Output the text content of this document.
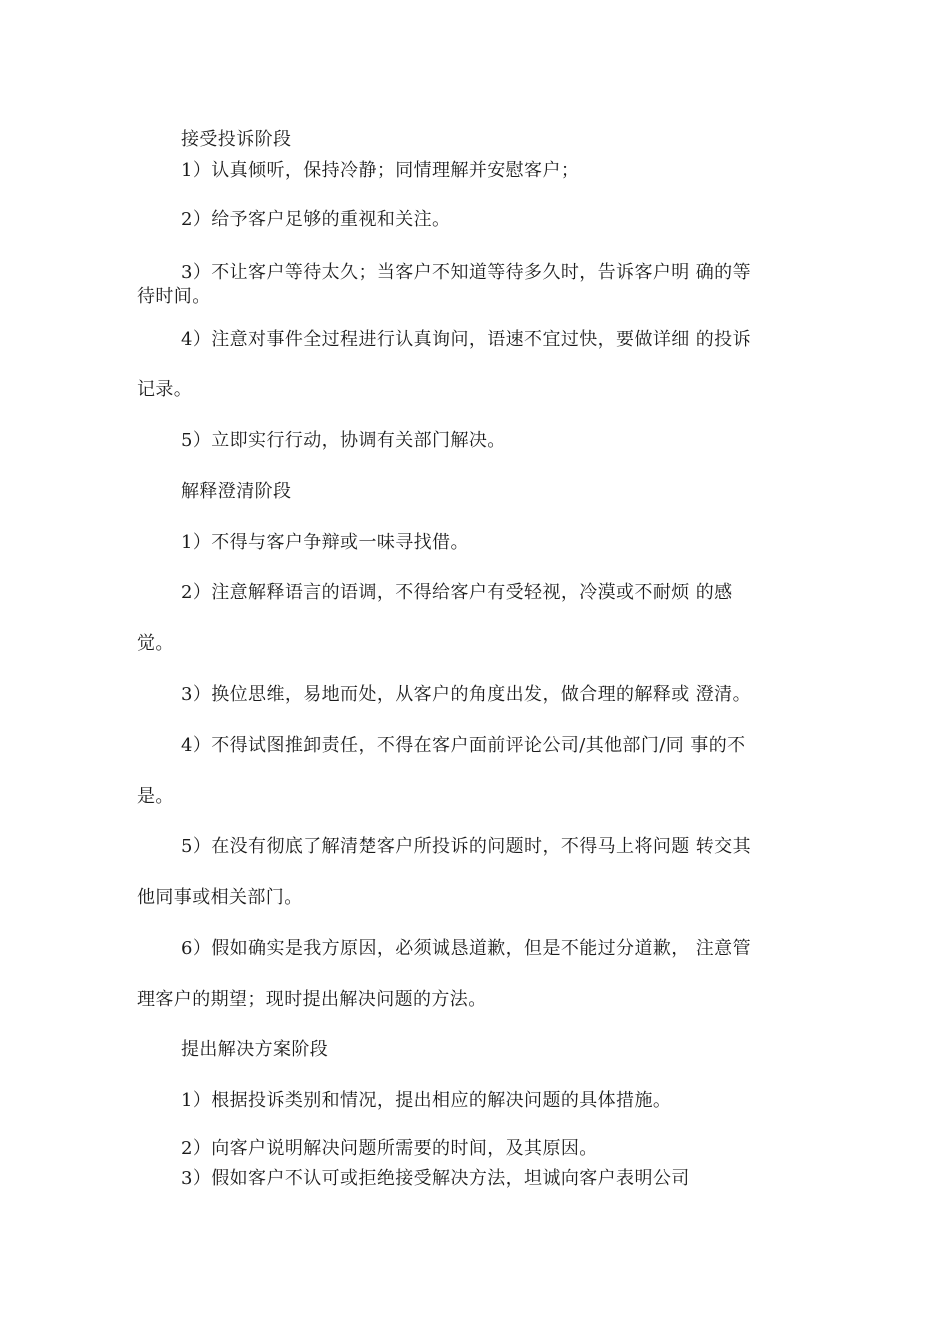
接受投诉阶段
1）认真倾听，保持冷静；同情理解并安慰客户；
2）给予客户足够的重视和关注。
3）不让客户等待太久；当客户不知道等待多久时，告诉客户明 确的等
待时间。
4）注意对事件全过程进行认真询问，语速不宜过快，要做详细 的投诉
记录。
5）立即实行行动，协调有关部门解决。
解释澄清阶段
1）不得与客户争辩或一味寻找借。
2）注意解释语言的语调，不得给客户有受轻视，冷漠或不耐烦 的感
觉。
3）换位思维，易地而处，从客户的角度出发，做合理的解释或 澄清。
4）不得试图推卸责任，不得在客户面前评论公司/其他部门/同 事的不
是。
5）在没有彻底了解清楚客户所投诉的问题时，不得马上将问题 转交其
他同事或相关部门。
6）假如确实是我方原因，必须诚恳道歉，但是不能过分道歉， 注意管
理客户的期望；现时提出解决问题的方法。
提出解决方案阶段
1）根据投诉类别和情况，提出相应的解决问题的具体措施。
2）向客户说明解决问题所需要的时间，及其原因。
3）假如客户不认可或拒绝接受解决方法，坦诚向客户表明公司
